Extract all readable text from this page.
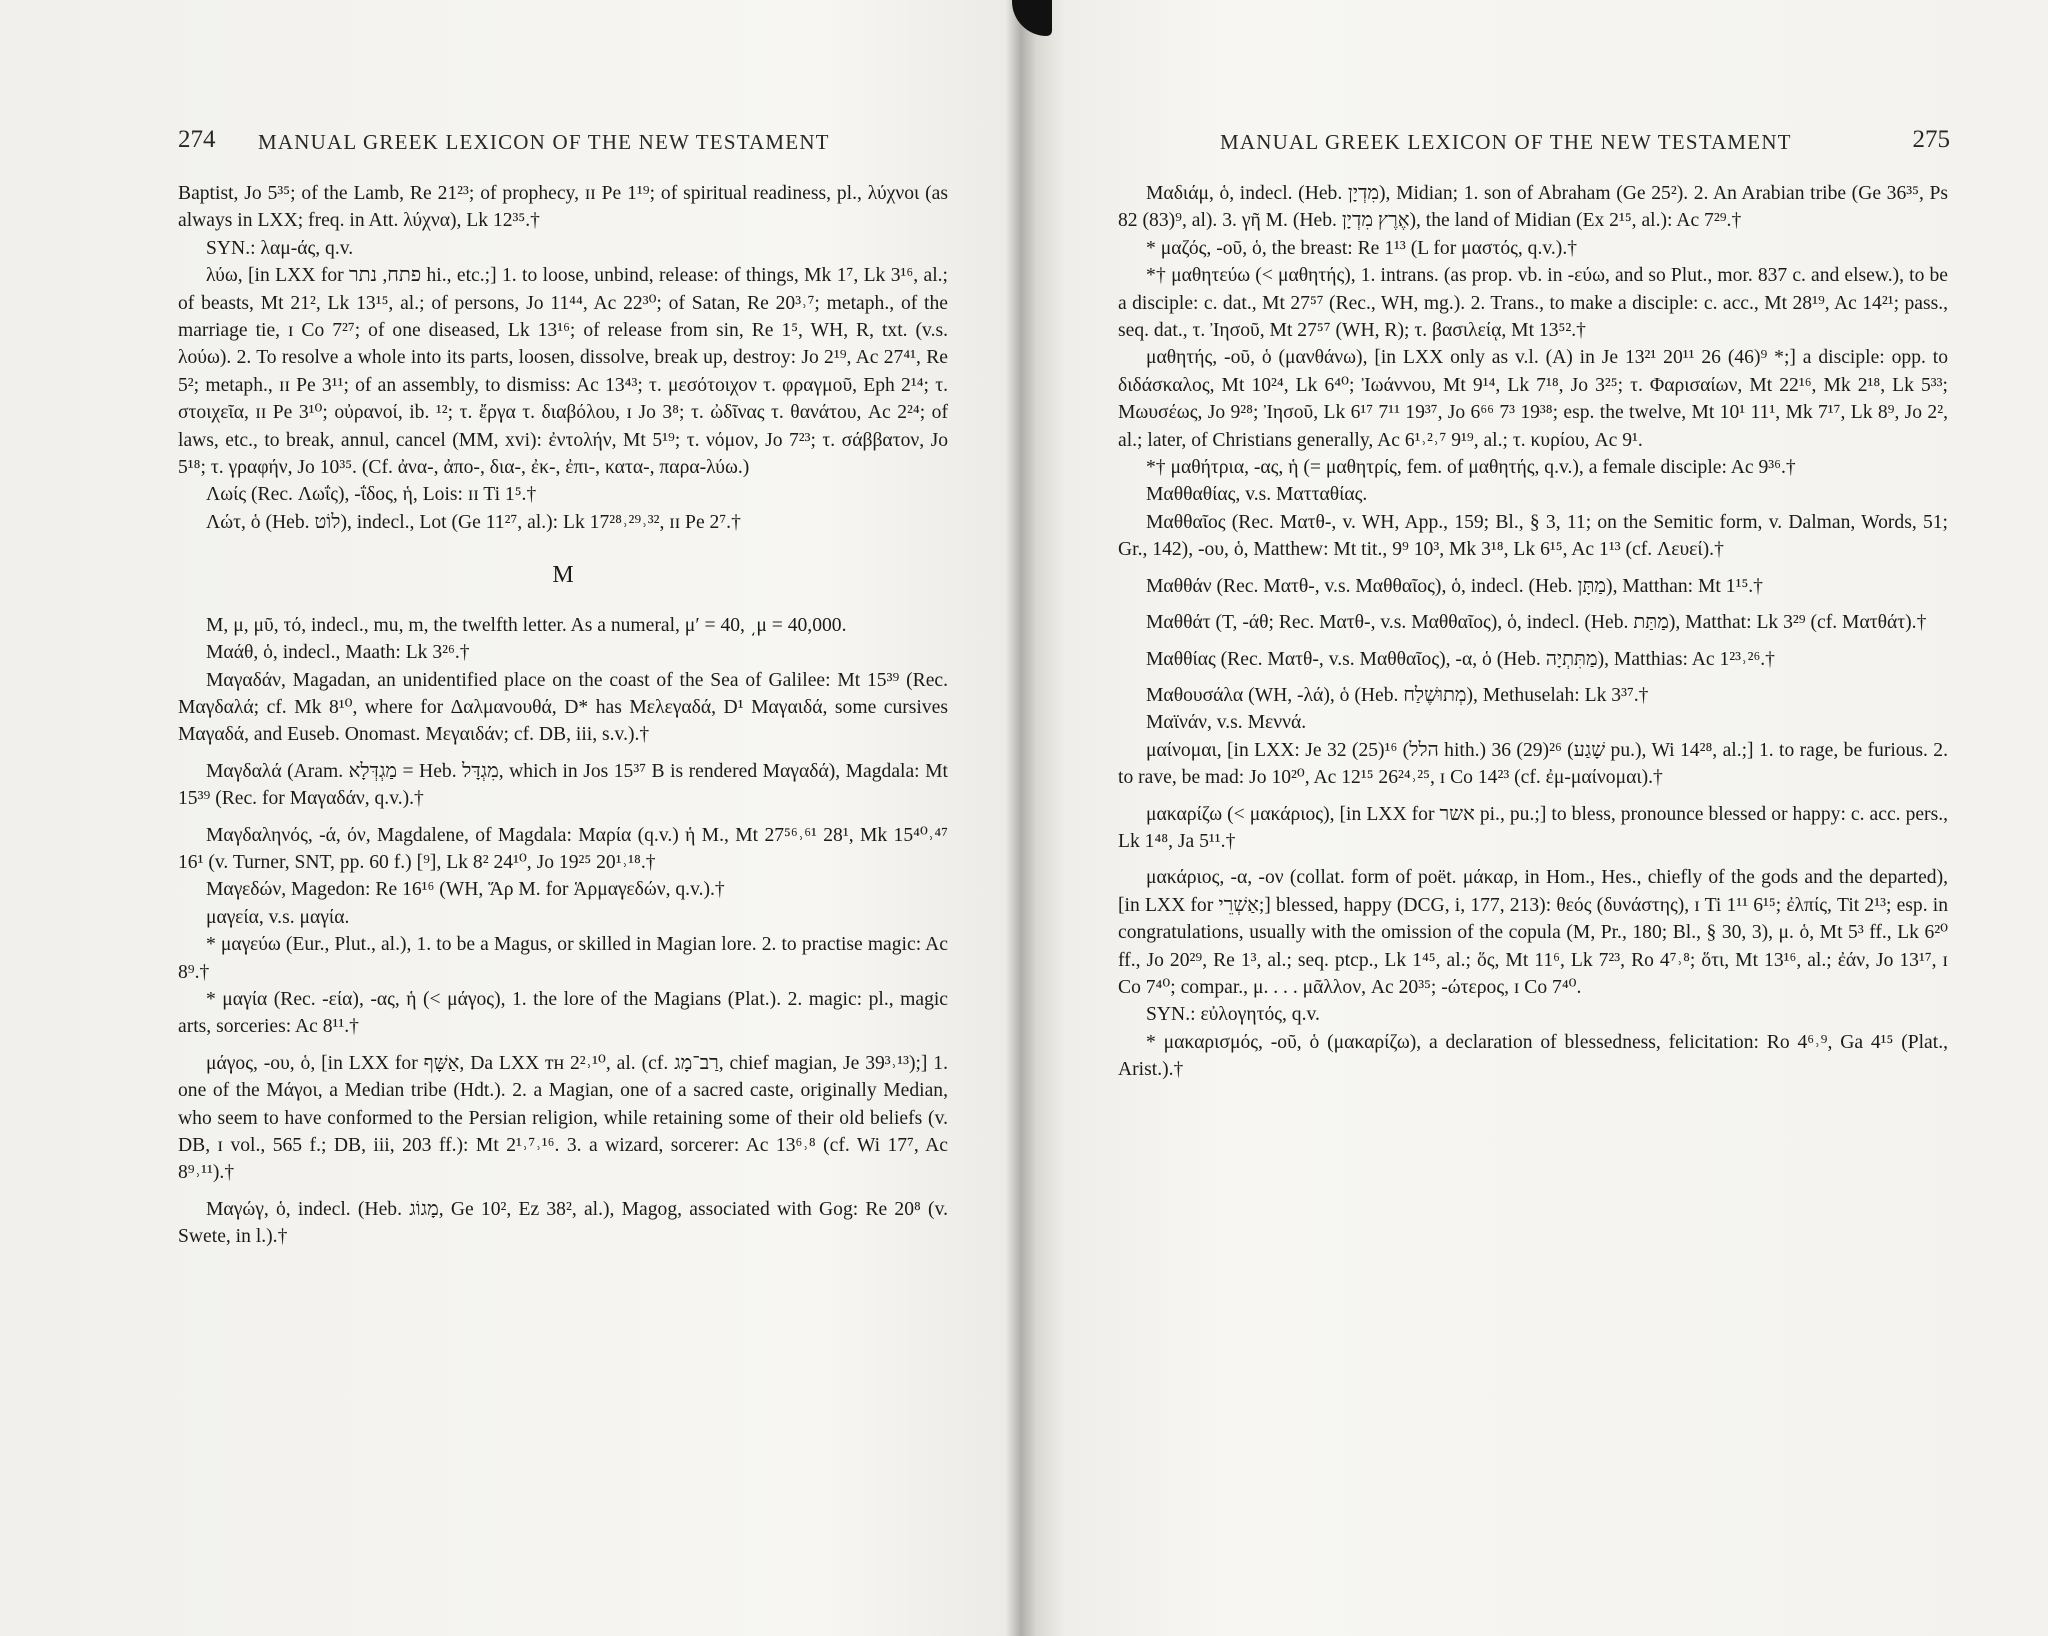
274 MANUAL GREEK LEXICON OF THE NEW TESTAMENT

Baptist, Jo 5³⁵; of the Lamb, Re 21²³; of prophecy, ɪɪ Pe 1¹⁹; of spiritual readiness, pl., λύχνοι (as always in LXX; freq. in Att. λύχνα), Lk 12³⁵.†

SYN.: λαμ-άς, q.v.

λύω, [in LXX for פתח, נתר hi., etc.;] 1. to loose, unbind, release: of things, Mk 1⁷, Lk 3¹⁶, al.; of beasts, Mt 21², Lk 13¹⁵, al.; of persons, Jo 11⁴⁴, Ac 22³⁰; of Satan, Re 20³˒⁷; metaph., of the marriage tie, ɪ Co 7²⁷; of one diseased, Lk 13¹⁶; of release from sin, Re 1⁵, WH, R, txt. (v.s. λούω). 2. To resolve a whole into its parts, loosen, dissolve, break up, destroy: Jo 2¹⁹, Ac 27⁴¹, Re 5²; metaph., ɪɪ Pe 3¹¹; of an assembly, to dismiss: Ac 13⁴³; τ. μεσότοιχον τ. φραγμοῦ, Eph 2¹⁴; τ. στοιχεῖα, ɪɪ Pe 3¹⁰; οὐρανοί, ib. ¹²; τ. ἔργα τ. διαβόλου, ɪ Jo 3⁸; τ. ὠδῖνας τ. θανάτου, Ac 2²⁴; of laws, etc., to break, annul, cancel (MM, xvi): ἐντολήν, Mt 5¹⁹; τ. νόμον, Jo 7²³; τ. σάββατον, Jo 5¹⁸; τ. γραφήν, Jo 10³⁵. (Cf. ἀνα-, ἀπο-, δια-, ἐκ-, ἐπι-, κατα-, παρα-λύω.)

Λωίς (Rec. Λωΐς), -ΐδος, ἡ, Lois: ɪɪ Ti 1⁵.†

Λώτ, ὁ (Heb. לוֹט), indecl., Lot (Ge 11²⁷, al.): Lk 17²⁸˒²⁹˒³², ɪɪ Pe 2⁷.†

M

Μ, μ, μῦ, τό, indecl., mu, m, the twelfth letter. As a numeral, μ′ = 40, ͵μ = 40,000.

Μαάθ, ὁ, indecl., Maath: Lk 3²⁶.†

Μαγαδάν, Magadan, an unidentified place on the coast of the Sea of Galilee: Mt 15³⁹ (Rec. Μαγδαλά; cf. Mk 8¹⁰, where for Δαλμανουθά, D* has Μελεγαδά, D¹ Μαγαιδά, some cursives Μαγαδά, and Euseb. Onomast. Μεγαιδάν; cf. DB, iii, s.v.).†

Μαγδαλά (Aram. מַגְדְּלָא = Heb. מִגְדָּל, which in Jos 15³⁷ B is rendered Μαγαδά), Magdala: Mt 15³⁹ (Rec. for Μαγαδάν, q.v.).†

Μαγδαληνός, -ά, όν, Magdalene, of Magdala: Μαρία (q.v.) ἡ M., Mt 27⁵⁶˒⁶¹ 28¹, Mk 15⁴⁰˒⁴⁷ 16¹ (v. Turner, SNT, pp. 60 f.) [⁹], Lk 8² 24¹⁰, Jo 19²⁵ 20¹˒¹⁸.†

Μαγεδών, Magedon: Re 16¹⁶ (WH, Ἅρ M. for Ἁρμαγεδών, q.v.).†

μαγεία, v.s. μαγία.

* μαγεύω (Eur., Plut., al.), 1. to be a Magus, or skilled in Magian lore. 2. to practise magic: Ac 8⁹.†

* μαγία (Rec. -εία), -ας, ἡ (< μάγος), 1. the lore of the Magians (Plat.). 2. magic: pl., magic arts, sorceries: Ac 8¹¹.†

μάγος, -ου, ὁ, [in LXX for אַשָּׁף, Da LXX ᴛʜ 2²˒¹⁰, al. (cf. רַב־מָג, chief magian, Je 39³˒¹³);] 1. one of the Μάγοι, a Median tribe (Hdt.). 2. a Magian, one of a sacred caste, originally Median, who seem to have conformed to the Persian religion, while retaining some of their old beliefs (v. DB, ɪ vol., 565 f.; DB, iii, 203 ff.): Mt 2¹˒⁷˒¹⁶. 3. a wizard, sorcerer: Ac 13⁶˒⁸ (cf. Wi 17⁷, Ac 8⁹˒¹¹).†

Μαγώγ, ὁ, indecl. (Heb. מָגוֹג, Ge 10², Ez 38², al.), Magog, associated with Gog: Re 20⁸ (v. Swete, in l.).†

MANUAL GREEK LEXICON OF THE NEW TESTAMENT	275

Μαδιάμ, ὁ, indecl. (Heb. מִדְיָן), Midian; 1. son of Abraham (Ge 25²). 2. An Arabian tribe (Ge 36³⁵, Ps 82 (83)⁹, al). 3. γῆ M. (Heb. אֶרֶץ מִדְיָן), the land of Midian (Ex 2¹⁵, al.): Ac 7²⁹.†

* μαζός, -οῦ, ὁ, the breast: Re 1¹³ (L for μαστός, q.v.).†

*† μαθητεύω (< μαθητής), 1. intrans. (as prop. vb. in -εύω, and so Plut., mor. 837 c. and elsew.), to be a disciple: c. dat., Mt 27⁵⁷ (Rec., WH, mg.). 2. Trans., to make a disciple: c. acc., Mt 28¹⁹, Ac 14²¹; pass., seq. dat., τ. Ἰησοῦ, Mt 27⁵⁷ (WH, R); τ. βασιλείᾳ, Mt 13⁵².†

μαθητής, -οῦ, ὁ (μανθάνω), [in LXX only as v.l. (A) in Je 13²¹ 20¹¹ 26 (46)⁹ *;] a disciple: opp. to διδάσκαλος, Mt 10²⁴, Lk 6⁴⁰; Ἰωάννου, Mt 9¹⁴, Lk 7¹⁸, Jo 3²⁵; τ. Φαρισαίων, Mt 22¹⁶, Mk 2¹⁸, Lk 5³³; Μωυσέως, Jo 9²⁸; Ἰησοῦ, Lk 6¹⁷ 7¹¹ 19³⁷, Jo 6⁶⁶ 7³ 19³⁸; esp. the twelve, Mt 10¹ 11¹, Mk 7¹⁷, Lk 8⁹, Jo 2², al.; later, of Christians generally, Ac 6¹˒²˒⁷ 9¹⁹, al.; τ. κυρίου, Ac 9¹.

*† μαθήτρια, -ας, ἡ (= μαθητρίς, fem. of μαθητής, q.v.), a female disciple: Ac 9³⁶.†

Μαθθαθίας, v.s. Ματταθίας.

Μαθθαῖος (Rec. Ματθ-, v. WH, App., 159; Bl., § 3, 11; on the Semitic form, v. Dalman, Words, 51; Gr., 142), -ου, ὁ, Matthew: Mt tit., 9⁹ 10³, Mk 3¹⁸, Lk 6¹⁵, Ac 1¹³ (cf. Λευεί).†

Μαθθάν (Rec. Ματθ-, v.s. Μαθθαῖος), ὁ, indecl. (Heb. מַתָּן), Matthan: Mt 1¹⁵.†

Μαθθάτ (T, -άθ; Rec. Ματθ-, v.s. Μαθθαῖος), ὁ, indecl. (Heb. מַתַּת), Matthat: Lk 3²⁹ (cf. Ματθάτ).†

Μαθθίας (Rec. Ματθ-, v.s. Μαθθαῖος), -α, ὁ (Heb. מַתִּתְיָה), Matthias: Ac 1²³˒²⁶.†

Μαθουσάλα (WH, -λά), ὁ (Heb. מְתוּשֶׁלַח), Methuselah: Lk 3³⁷.†

Μαϊνάν, v.s. Μεννά.

μαίνομαι, [in LXX: Je 32 (25)¹⁶ (הלל hith.) 36 (29)²⁶ (שָׁגַע pu.), Wi 14²⁸, al.;] 1. to rage, be furious. 2. to rave, be mad: Jo 10²⁰, Ac 12¹⁵ 26²⁴˒²⁵, ɪ Co 14²³ (cf. ἐμ-μαίνομαι).†

μακαρίζω (< μακάριος), [in LXX for אשר pi., pu.;] to bless, pronounce blessed or happy: c. acc. pers., Lk 1⁴⁸, Ja 5¹¹.†

μακάριος, -α, -ον (collat. form of poët. μάκαρ, in Hom., Hes., chiefly of the gods and the departed), [in LXX for אַשְׁרֵי;] blessed, happy (DCG, i, 177, 213): θεός (δυνάστης), ɪ Ti 1¹¹ 6¹⁵; ἐλπίς, Tit 2¹³; esp. in congratulations, usually with the omission of the copula (M, Pr., 180; Bl., § 30, 3), μ. ὁ, Mt 5³ ff., Lk 6²⁰ ff., Jo 20²⁹, Re 1³, al.; seq. ptcp., Lk 1⁴⁵, al.; ὅς, Mt 11⁶, Lk 7²³, Ro 4⁷˒⁸; ὅτι, Mt 13¹⁶, al.; ἐάν, Jo 13¹⁷, ɪ Co 7⁴⁰; compar., μ. . . . μᾶλλον, Ac 20³⁵; -ώτερος, ɪ Co 7⁴⁰.

SYN.: εὐλογητός, q.v.

* μακαρισμός, -οῦ, ὁ (μακαρίζω), a declaration of blessedness, felicitation: Ro 4⁶˒⁹, Ga 4¹⁵ (Plat., Arist.).†
